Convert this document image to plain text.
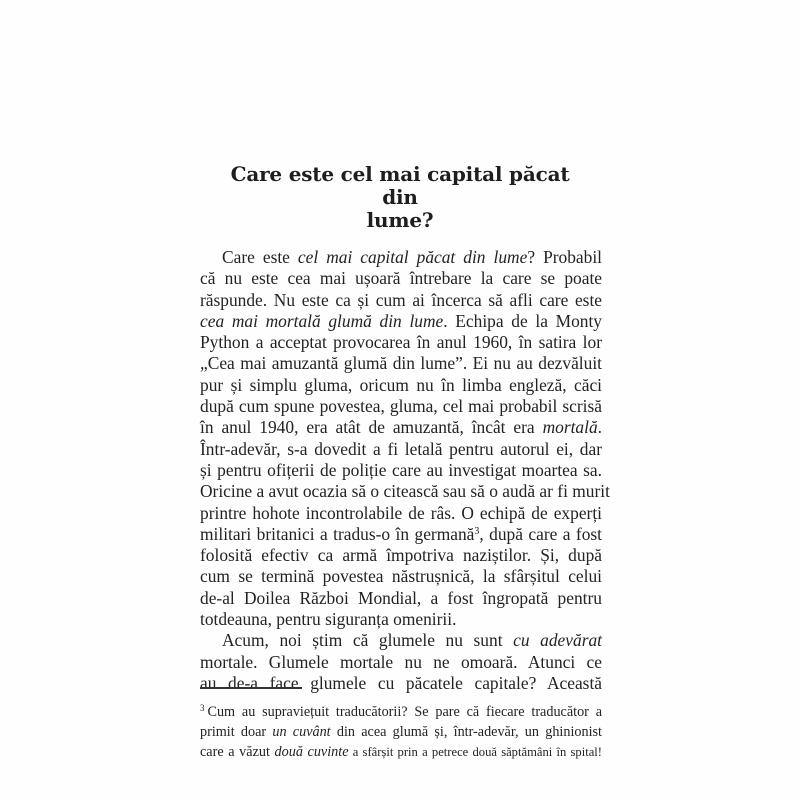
Care este cel mai capital păcat din
lume?
Care este cel mai capital păcat din lume? Probabil
că nu este cea mai ușoară întrebare la care se poate
răspunde. Nu este ca și cum ai încerca să afli care este
cea mai mortală glumă din lume. Echipa de la Monty
Python a acceptat provocarea în anul 1960, în satira lor
„Cea mai amuzantă glumă din lume”. Ei nu au dezvăluit
pur și simplu gluma, oricum nu în limba engleză, căci
după cum spune povestea, gluma, cel mai probabil scrisă
în anul 1940, era atât de amuzantă, încât era mortală.
Într-adevăr, s-a dovedit a fi letală pentru autorul ei, dar
și pentru ofițerii de poliție care au investigat moartea sa.
Oricine a avut ocazia să o citească sau să o audă ar fi murit
printre hohote incontrolabile de râs. O echipă de experți
militari britanici a tradus-o în germană$^3$, după care a fost
folosită efectiv ca armă împotriva naziștilor. Și, după
cum se termină povestea năstrușnică, la sfârșitul celui
de-al Doilea Război Mondial, a fost îngropată pentru
totdeauna, pentru siguranța omenirii.
Acum, noi știm că glumele nu sunt cu adevărat
mortale. Glumele mortale nu ne omoară. Atunci ce
au de-a face glumele cu păcatele capitale? Această
$^3$ Cum au supraviețuit traducătorii? Se pare că fiecare traducător a
primit doar un cuvânt din acea glumă și, într-adevăr, un ghinionist
care a văzut două cuvinte a sfârșit prin a petrece două săptămâni în spital!
